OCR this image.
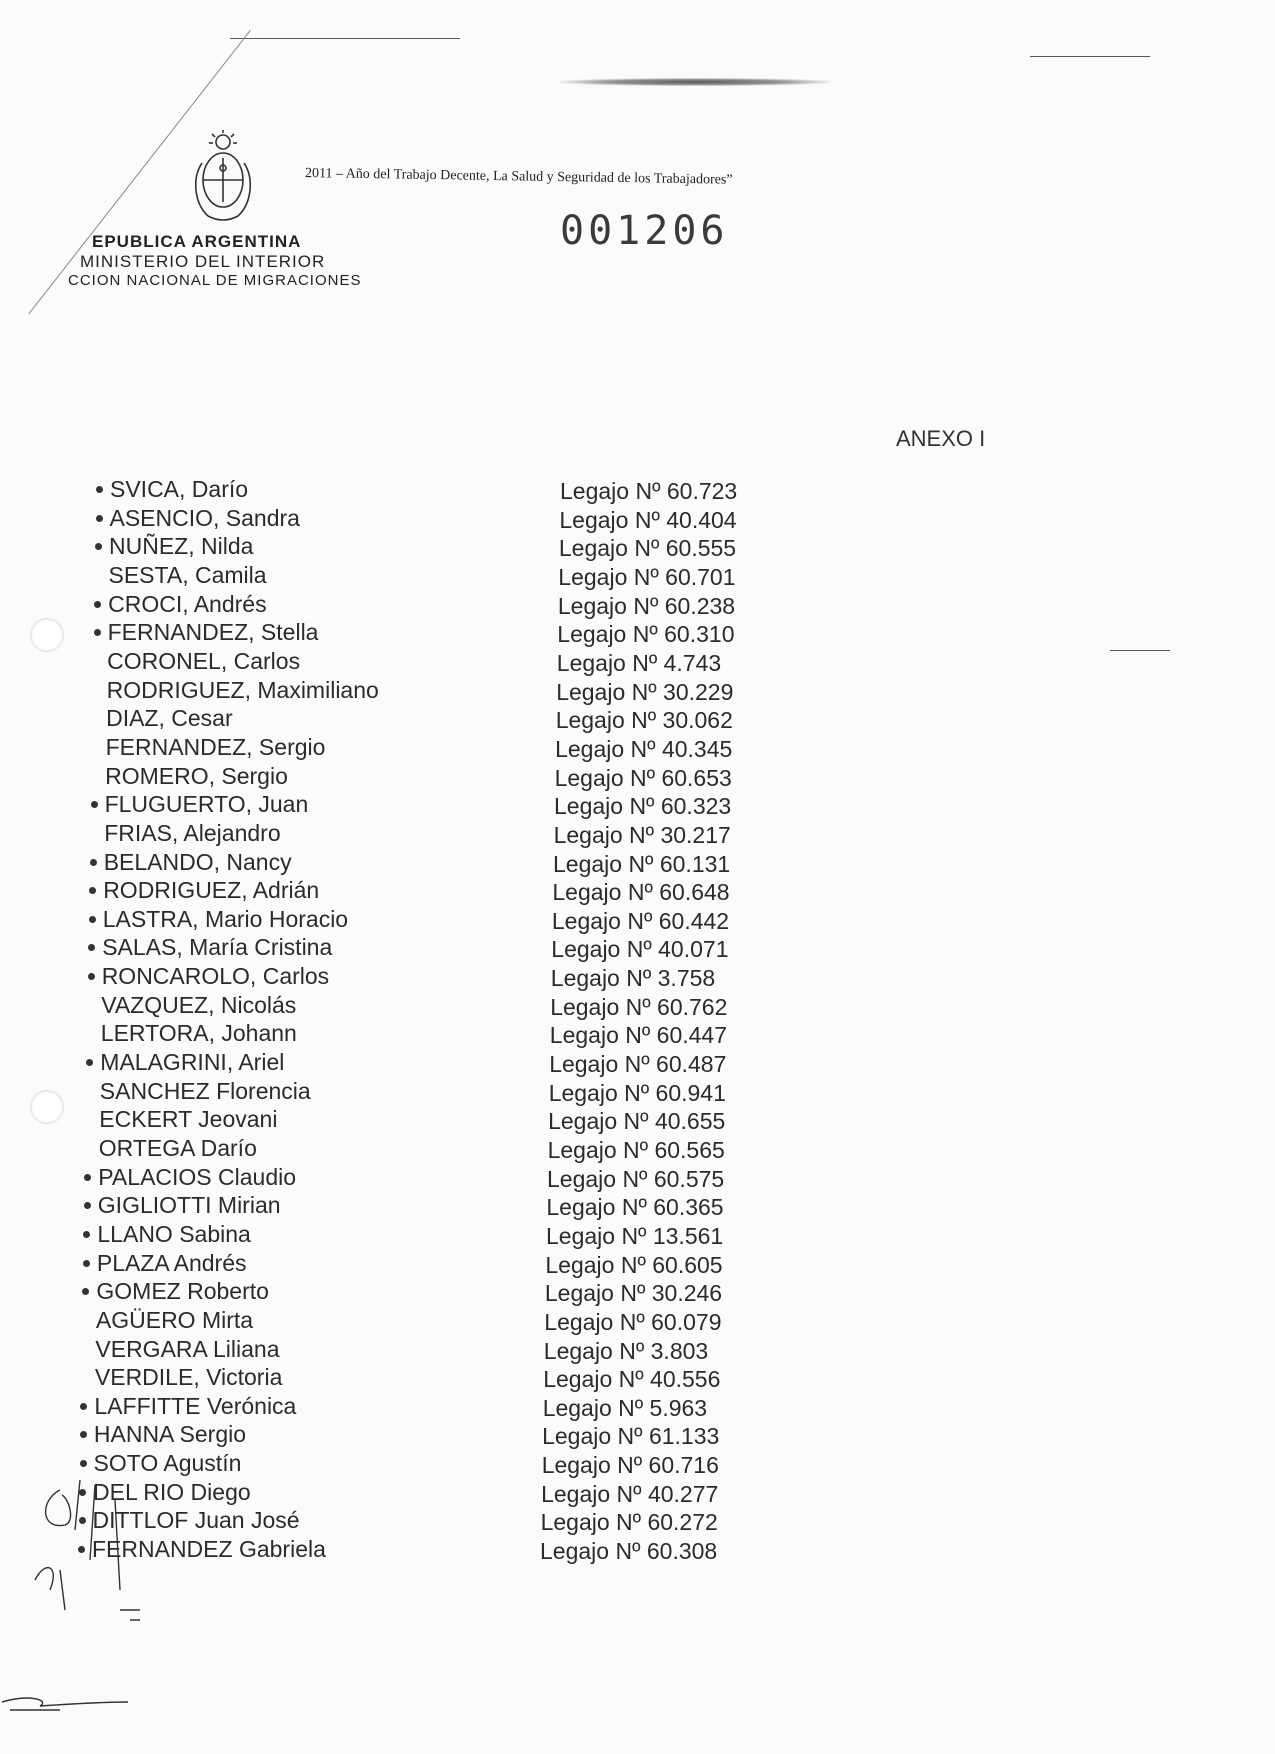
2011 – Año del Trabajo Decente, La Salud y Seguridad de los Trabajadores”
001206
EPUBLICA ARGENTINA
MINISTERIO DEL INTERIOR
CCION NACIONAL DE MIGRACIONES
ANEXO I
SVICA, Darío	Legajo Nº 60.723
ASENCIO, Sandra	Legajo Nº 40.404
NUÑEZ, Nilda	Legajo Nº 60.555
SESTA, Camila	Legajo Nº 60.701
CROCI, Andrés	Legajo Nº 60.238
FERNANDEZ, Stella	Legajo Nº 60.310
CORONEL, Carlos	Legajo Nº 4.743
RODRIGUEZ, Maximiliano	Legajo Nº 30.229
DIAZ, Cesar	Legajo Nº 30.062
FERNANDEZ, Sergio	Legajo Nº 40.345
ROMERO, Sergio	Legajo Nº 60.653
FLUGUERTO, Juan	Legajo Nº 60.323
FRIAS, Alejandro	Legajo Nº 30.217
BELANDO, Nancy	Legajo Nº 60.131
RODRIGUEZ, Adrián	Legajo Nº 60.648
LASTRA, Mario Horacio	Legajo Nº 60.442
SALAS, María Cristina	Legajo Nº 40.071
RONCAROLO, Carlos	Legajo Nº 3.758
VAZQUEZ, Nicolás	Legajo Nº 60.762
LERTORA, Johann	Legajo Nº 60.447
MALAGRINI, Ariel	Legajo Nº 60.487
SANCHEZ Florencia	Legajo Nº 60.941
ECKERT Jeovani	Legajo Nº 40.655
ORTEGA Darío	Legajo Nº 60.565
PALACIOS Claudio	Legajo Nº 60.575
GIGLIOTTI Mirian	Legajo Nº 60.365
LLANO Sabina	Legajo Nº 13.561
PLAZA Andrés	Legajo Nº 60.605
GOMEZ Roberto	Legajo Nº 30.246
AGÜERO Mirta	Legajo Nº 60.079
VERGARA Liliana	Legajo Nº 3.803
VERDILE, Victoria	Legajo Nº 40.556
LAFFITTE Verónica	Legajo Nº 5.963
HANNA Sergio	Legajo Nº 61.133
SOTO Agustín	Legajo Nº 60.716
DEL RIO Diego	Legajo Nº 40.277
DITTLOF Juan José	Legajo Nº 60.272
FERNANDEZ Gabriela	Legajo Nº 60.308
